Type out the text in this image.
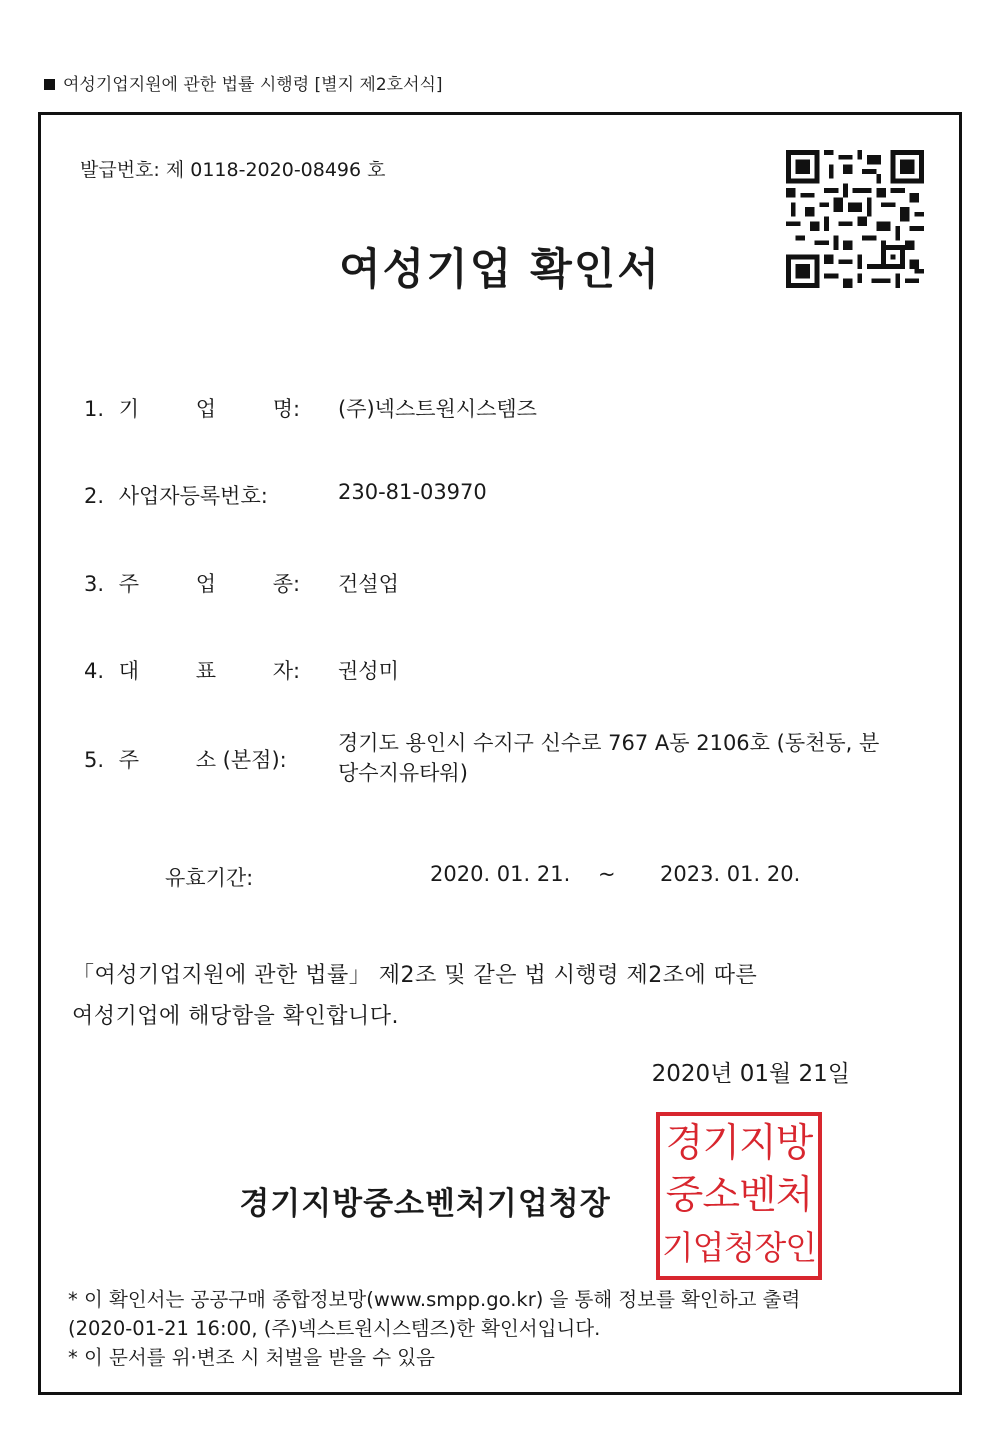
여성기업지원에 관한 법률 시행령 [별지 제2호서식]
발급번호: 제 0118-2020-08496 호
여성기업 확인서
1. 기	업	명: (주)넥스트원시스템즈
2. 사업자등록번호:	230-81-03970
3. 주	업	종: 건설업
4. 대	표	자: 권성미
5. 주	소 (본점):
경기도 용인시 수지구 신수로 767 A동 2106호 (동천동, 분당수지유타워)
유효기간:	2020. 01. 21. ~ 2023. 01. 20.
「여성기업지원에 관한 법률」 제2조 및 같은 법 시행령 제2조에 따른
여성기업에 해당함을 확인합니다.
2020년 01월 21일
경기지방중소벤처기업청장
경기지방
중소벤처
기업청장인
* 이 확인서는 공공구매 종합정보망(www.smpp.go.kr) 을 통해 정보를 확인하고 출력
(2020-01-21 16:00, (주)넥스트원시스템즈)한 확인서입니다.
* 이 문서를 위·변조 시 처벌을 받을 수 있음
